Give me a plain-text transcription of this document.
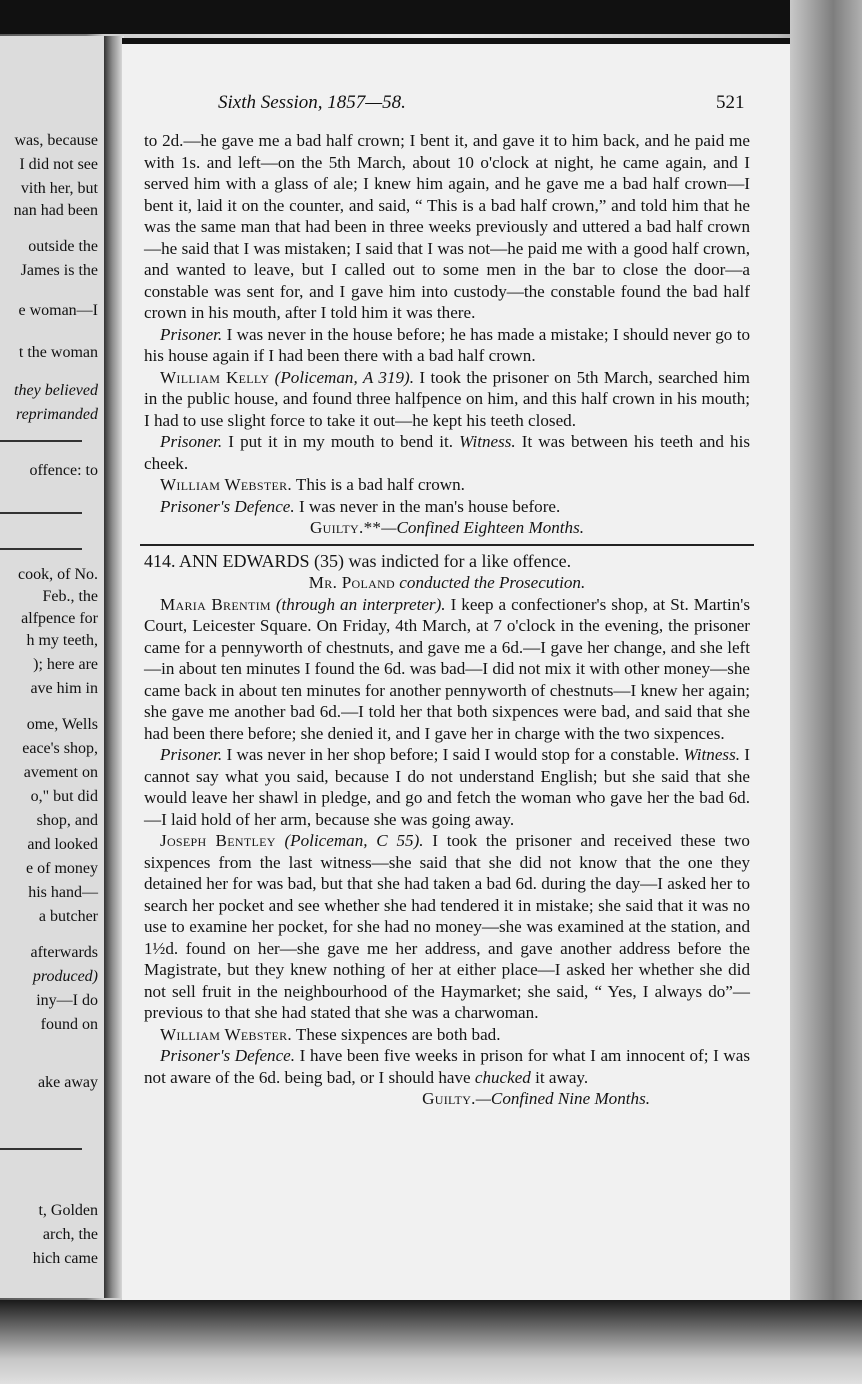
was, because
I did not see
vith her, but
nan had been
outside the
James is the
e woman—I
t the woman
they believed
reprimanded
offence: to
cook, of No.
Feb., the
alfpence for
h my teeth,
); here are
ave him in
ome, Wells
eace's shop,
avement on
o," but did
shop, and
and looked
e of money
his hand—
a butcher
afterwards
produced)
iny—I do
found on
ake away
t, Golden
arch, the
hich came
Sixth Session, 1857—58.	521

to 2d.—he gave me a bad half crown; I bent it, and gave it to him back, and he paid me with 1s. and left—on the 5th March, about 10 o'clock at night, he came again, and I served him with a glass of ale; I knew him again, and he gave me a bad half crown—I bent it, laid it on the counter, and said, “ This is a bad half crown,” and told him that he was the same man that had been in three weeks previously and uttered a bad half crown—he said that I was mistaken; I said that I was not—he paid me with a good half crown, and wanted to leave, but I called out to some men in the bar to close the door—a constable was sent for, and I gave him into custody—the constable found the bad half crown in his mouth, after I told him it was there.

Prisoner. I was never in the house before; he has made a mistake; I should never go to his house again if I had been there with a bad half crown.

William Kelly (Policeman, A 319). I took the prisoner on 5th March, searched him in the public house, and found three halfpence on him, and this half crown in his mouth; I had to use slight force to take it out—he kept his teeth closed.

Prisoner. I put it in my mouth to bend it. Witness. It was between his teeth and his cheek.

William Webster. This is a bad half crown.

Prisoner's Defence. I was never in the man's house before.

Guilty.**—Confined Eighteen Months.

414. ANN EDWARDS (35) was indicted for a like offence.

Mr. Poland conducted the Prosecution.

Maria Brentim (through an interpreter). I keep a confectioner's shop, at St. Martin's Court, Leicester Square. On Friday, 4th March, at 7 o'clock in the evening, the prisoner came for a pennyworth of chestnuts, and gave me a 6d.—I gave her change, and she left—in about ten minutes I found the 6d. was bad—I did not mix it with other money—she came back in about ten minutes for another pennyworth of chestnuts—I knew her again; she gave me another bad 6d.—I told her that both sixpences were bad, and said that she had been there before; she denied it, and I gave her in charge with the two sixpences.

Prisoner. I was never in her shop before; I said I would stop for a constable. Witness. I cannot say what you said, because I do not understand English; but she said that she would leave her shawl in pledge, and go and fetch the woman who gave her the bad 6d.—I laid hold of her arm, because she was going away.

Joseph Bentley (Policeman, C 55). I took the prisoner and received these two sixpences from the last witness—she said that she did not know that the one they detained her for was bad, but that she had taken a bad 6d. during the day—I asked her to search her pocket and see whether she had tendered it in mistake; she said that it was no use to examine her pocket, for she had no money—she was examined at the station, and 1½d. found on her—she gave me her address, and gave another address before the Magistrate, but they knew nothing of her at either place—I asked her whether she did not sell fruit in the neighbourhood of the Haymarket; she said, “ Yes, I always do”—previous to that she had stated that she was a charwoman.

William Webster. These sixpences are both bad.

Prisoner's Defence. I have been five weeks in prison for what I am innocent of; I was not aware of the 6d. being bad, or I should have chucked it away.

Guilty.—Confined Nine Months.
